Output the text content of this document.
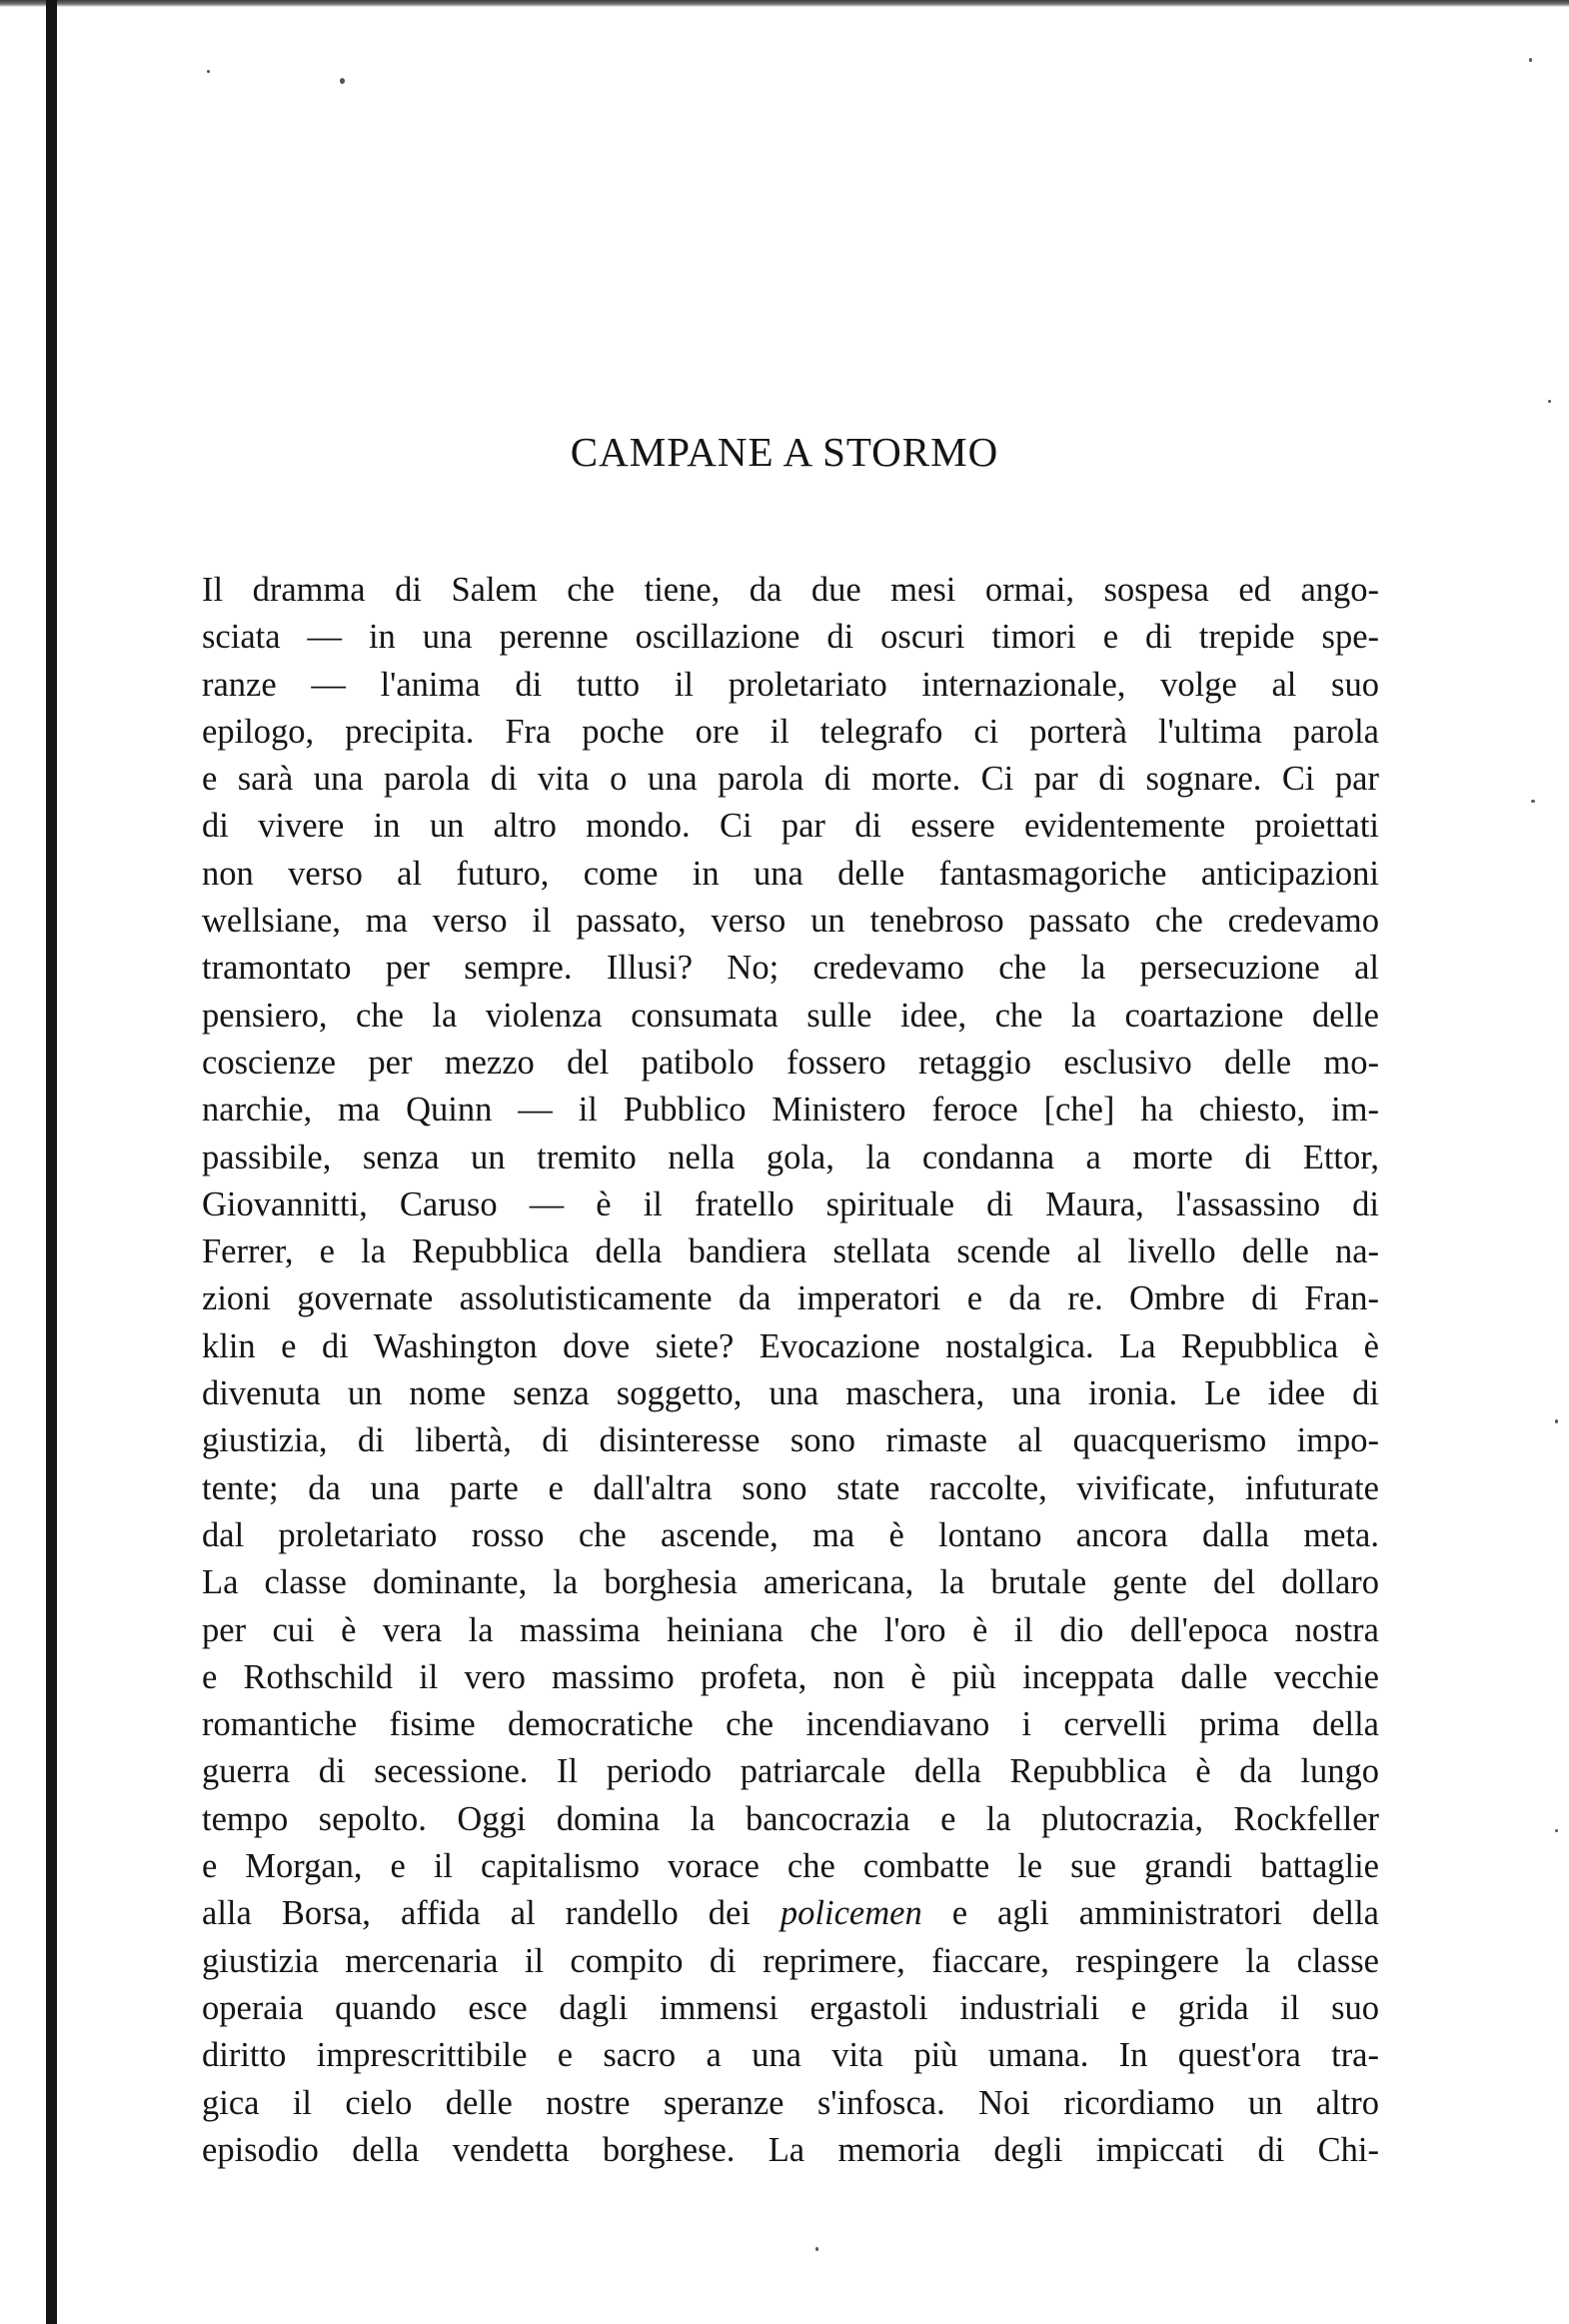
CAMPANE A STORMO
Il dramma di Salem che tiene, da due mesi ormai, sospesa ed ango-
sciata — in una perenne oscillazione di oscuri timori e di trepide spe-
ranze — l'anima di tutto il proletariato internazionale, volge al suo
epilogo, precipita. Fra poche ore il telegrafo ci porterà l'ultima parola
e sarà una parola di vita o una parola di morte. Ci par di sognare. Ci par
di vivere in un altro mondo. Ci par di essere evidentemente proiettati
non verso al futuro, come in una delle fantasmagoriche anticipazioni
wellsiane, ma verso il passato, verso un tenebroso passato che credevamo
tramontato per sempre. Illusi? No; credevamo che la persecuzione al
pensiero, che la violenza consumata sulle idee, che la coartazione delle
coscienze per mezzo del patibolo fossero retaggio esclusivo delle mo-
narchie, ma Quinn — il Pubblico Ministero feroce [che] ha chiesto, im-
passibile, senza un tremito nella gola, la condanna a morte di Ettor,
Giovannitti, Caruso — è il fratello spirituale di Maura, l'assassino di
Ferrer, e la Repubblica della bandiera stellata scende al livello delle na-
zioni governate assolutisticamente da imperatori e da re. Ombre di Fran-
klin e di Washington dove siete? Evocazione nostalgica. La Repubblica è
divenuta un nome senza soggetto, una maschera, una ironia. Le idee di
giustizia, di libertà, di disinteresse sono rimaste al quacquerismo impo-
tente; da una parte e dall'altra sono state raccolte, vivificate, infuturate
dal proletariato rosso che ascende, ma è lontano ancora dalla meta.
La classe dominante, la borghesia americana, la brutale gente del dollaro
per cui è vera la massima heiniana che l'oro è il dio dell'epoca nostra
e Rothschild il vero massimo profeta, non è più inceppata dalle vecchie
romantiche fisime democratiche che incendiavano i cervelli prima della
guerra di secessione. Il periodo patriarcale della Repubblica è da lungo
tempo sepolto. Oggi domina la bancocrazia e la plutocrazia, Rockfeller
e Morgan, e il capitalismo vorace che combatte le sue grandi battaglie
alla Borsa, affida al randello dei policemen e agli amministratori della
giustizia mercenaria il compito di reprimere, fiaccare, respingere la classe
operaia quando esce dagli immensi ergastoli industriali e grida il suo
diritto imprescrittibile e sacro a una vita più umana. In quest'ora tra-
gica il cielo delle nostre speranze s'infosca. Noi ricordiamo un altro
episodio della vendetta borghese. La memoria degli impiccati di Chi-
